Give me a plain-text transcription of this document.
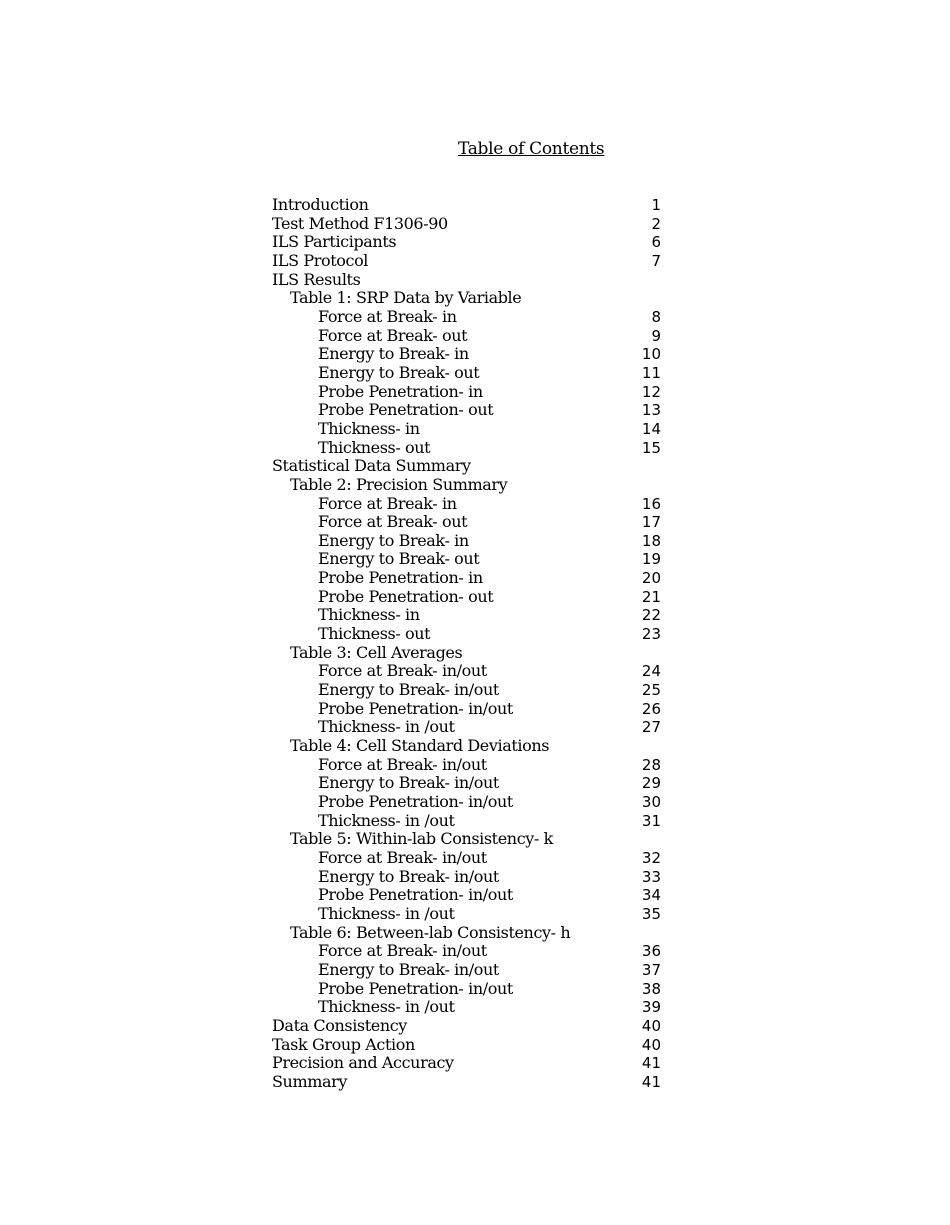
Table of Contents
Introduction	1
Test Method F1306-90	2
ILS Participants	6
ILS Protocol	7
ILS Results
Table 1: SRP Data by Variable
Force at Break- in	8
Force at Break- out	9
Energy to Break- in	10
Energy to Break- out	11
Probe Penetration- in	12
Probe Penetration- out	13
Thickness- in	14
Thickness- out	15
Statistical Data Summary
Table 2: Precision Summary
Force at Break- in	16
Force at Break- out	17
Energy to Break- in	18
Energy to Break- out	19
Probe Penetration- in	20
Probe Penetration- out	21
Thickness- in	22
Thickness- out	23
Table 3: Cell Averages
Force at Break- in/out	24
Energy to Break- in/out	25
Probe Penetration- in/out	26
Thickness- in /out	27
Table 4: Cell Standard Deviations
Force at Break- in/out	28
Energy to Break- in/out	29
Probe Penetration- in/out	30
Thickness- in /out	31
Table 5: Within-lab Consistency- k
Force at Break- in/out	32
Energy to Break- in/out	33
Probe Penetration- in/out	34
Thickness- in /out	35
Table 6: Between-lab Consistency- h
Force at Break- in/out	36
Energy to Break- in/out	37
Probe Penetration- in/out	38
Thickness- in /out	39
Data Consistency	40
Task Group Action	40
Precision and Accuracy	41
Summary	41
